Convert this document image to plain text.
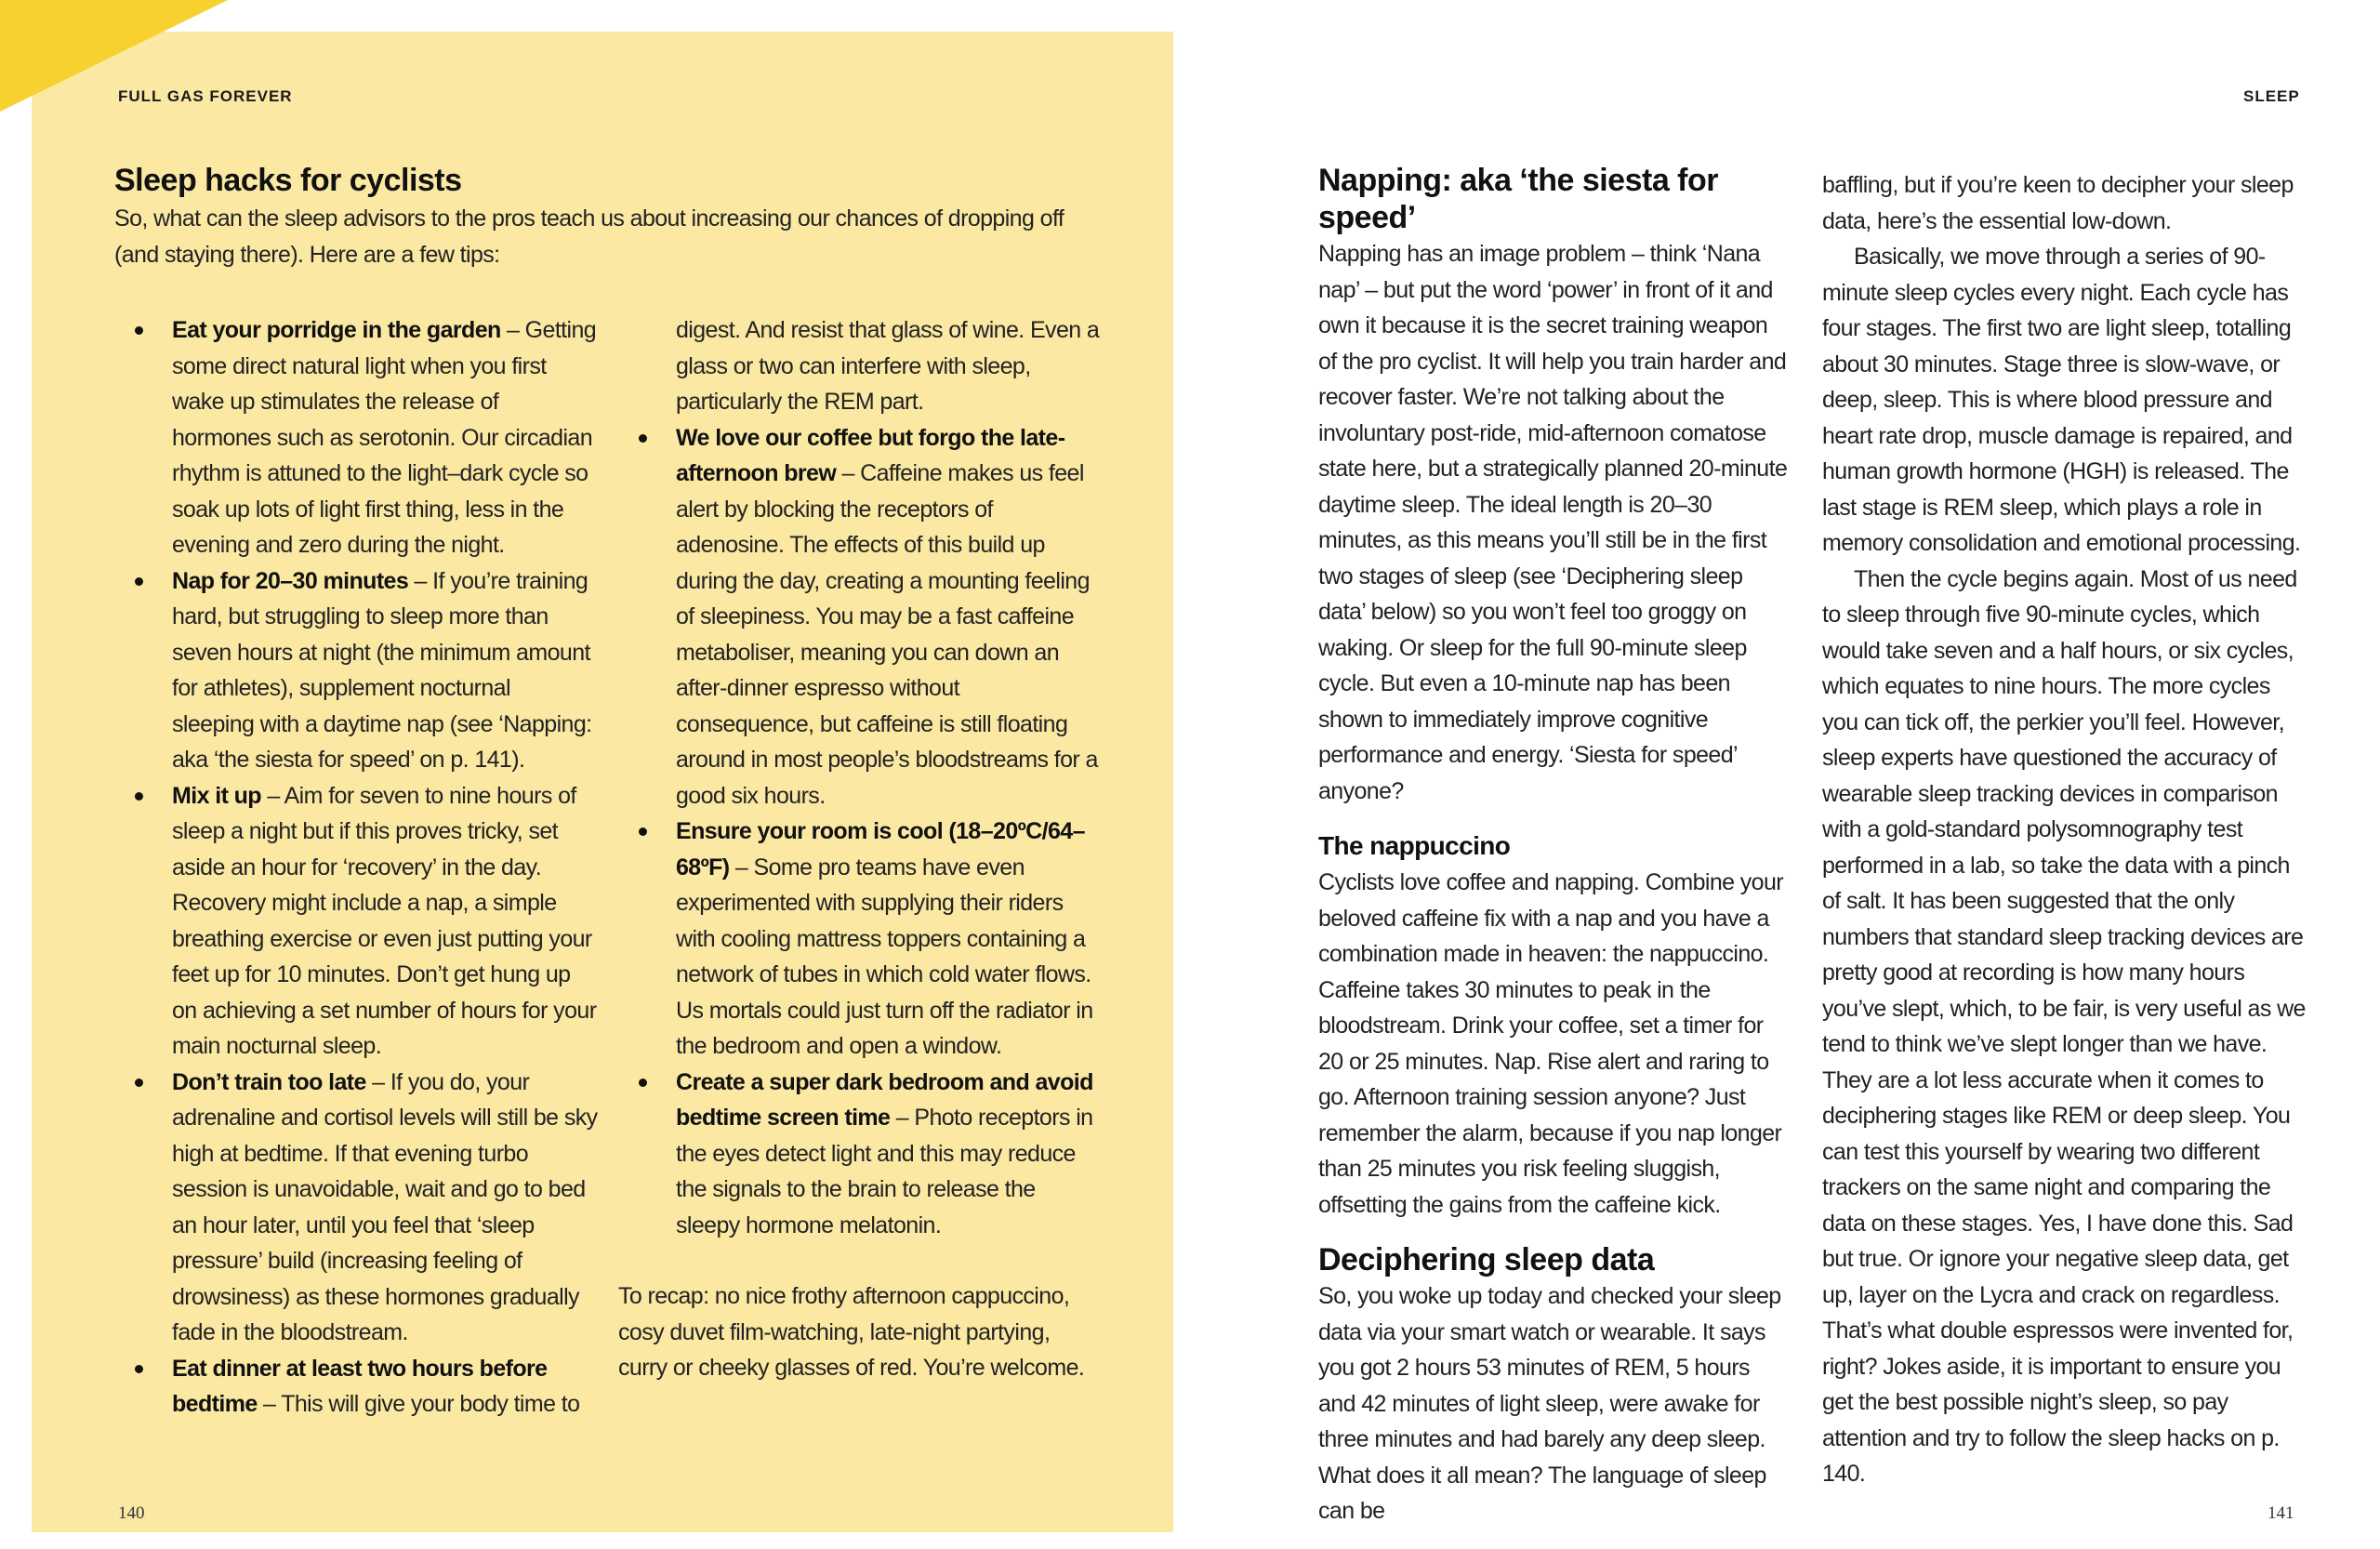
FULL GAS FOREVER	SLEEP

Sleep hacks for cyclists

So, what can the sleep advisors to the pros teach us about increasing our chances of dropping off (and staying there). Here are a few tips:

Eat your porridge in the garden – Getting some direct natural light when you first wake up stimulates the release of hormones such as serotonin. Our circadian rhythm is attuned to the light–dark cycle so soak up lots of light first thing, less in the evening and zero during the night.
Nap for 20–30 minutes – If you’re training hard, but struggling to sleep more than seven hours at night (the minimum amount for athletes), supplement nocturnal sleeping with a daytime nap (see ‘Napping: aka ‘the siesta for speed’ on p. 141).
Mix it up – Aim for seven to nine hours of sleep a night but if this proves tricky, set aside an hour for ‘recovery’ in the day. Recovery might include a nap, a simple breathing exercise or even just putting your feet up for 10 minutes. Don’t get hung up on achieving a set number of hours for your main nocturnal sleep.
Don’t train too late – If you do, your adrenaline and cortisol levels will still be sky high at bedtime. If that evening turbo session is unavoidable, wait and go to bed an hour later, until you feel that ‘sleep pressure’ build (increasing feeling of drowsiness) as these hormones gradually fade in the bloodstream.
Eat dinner at least two hours before bedtime – This will give your body time to
digest. And resist that glass of wine. Even a glass or two can interfere with sleep, particularly the REM part.
We love our coffee but forgo the late-afternoon brew – Caffeine makes us feel alert by blocking the receptors of adenosine. The effects of this build up during the day, creating a mounting feeling of sleepiness. You may be a fast caffeine metaboliser, meaning you can down an after-dinner espresso without consequence, but caffeine is still floating around in most people’s bloodstreams for a good six hours.
Ensure your room is cool (18–20ºC/64–68ºF) – Some pro teams have even experimented with supplying their riders with cooling mattress toppers containing a network of tubes in which cold water flows. Us mortals could just turn off the radiator in the bedroom and open a window.
Create a super dark bedroom and avoid bedtime screen time – Photo receptors in the eyes detect light and this may reduce the signals to the brain to release the sleepy hormone melatonin.

To recap: no nice frothy afternoon cappuccino, cosy duvet film-watching, late-night partying, curry or cheeky glasses of red. You’re welcome.

Napping: aka ‘the siesta for speed’

Napping has an image problem – think ‘Nana nap’ – but put the word ‘power’ in front of it and own it because it is the secret training weapon of the pro cyclist. It will help you train harder and recover faster. We’re not talking about the involuntary post-ride, mid-afternoon comatose state here, but a strategically planned 20-minute daytime sleep. The ideal length is 20–30 minutes, as this means you’ll still be in the first two stages of sleep (see ‘Deciphering sleep data’ below) so you won’t feel too groggy on waking. Or sleep for the full 90-minute sleep cycle. But even a 10-minute nap has been shown to immediately improve cognitive performance and energy. ‘Siesta for speed’ anyone?

The nappuccino

Cyclists love coffee and napping. Combine your beloved caffeine fix with a nap and you have a combination made in heaven: the nappuccino. Caffeine takes 30 minutes to peak in the bloodstream. Drink your coffee, set a timer for 20 or 25 minutes. Nap. Rise alert and raring to go. Afternoon training session anyone? Just remember the alarm, because if you nap longer than 25 minutes you risk feeling sluggish, offsetting the gains from the caffeine kick.

Deciphering sleep data

So, you woke up today and checked your sleep data via your smart watch or wearable. It says you got 2 hours 53 minutes of REM, 5 hours and 42 minutes of light sleep, were awake for three minutes and had barely any deep sleep. What does it all mean? The language of sleep can be

baffling, but if you’re keen to decipher your sleep data, here’s the essential low-down.

Basically, we move through a series of 90-minute sleep cycles every night. Each cycle has four stages. The first two are light sleep, totalling about 30 minutes. Stage three is slow-wave, or deep, sleep. This is where blood pressure and heart rate drop, muscle damage is repaired, and human growth hormone (HGH) is released. The last stage is REM sleep, which plays a role in memory consolidation and emotional processing.

Then the cycle begins again. Most of us need to sleep through five 90-minute cycles, which would take seven and a half hours, or six cycles, which equates to nine hours. The more cycles you can tick off, the perkier you’ll feel. However, sleep experts have questioned the accuracy of wearable sleep tracking devices in comparison with a gold-standard polysomnography test performed in a lab, so take the data with a pinch of salt. It has been suggested that the only numbers that standard sleep tracking devices are pretty good at recording is how many hours you’ve slept, which, to be fair, is very useful as we tend to think we’ve slept longer than we have. They are a lot less accurate when it comes to deciphering stages like REM or deep sleep. You can test this yourself by wearing two different trackers on the same night and comparing the data on these stages. Yes, I have done this. Sad but true. Or ignore your negative sleep data, get up, layer on the Lycra and crack on regardless. That’s what double espressos were invented for, right? Jokes aside, it is important to ensure you get the best possible night’s sleep, so pay attention and try to follow the sleep hacks on p. 140.

140	141
